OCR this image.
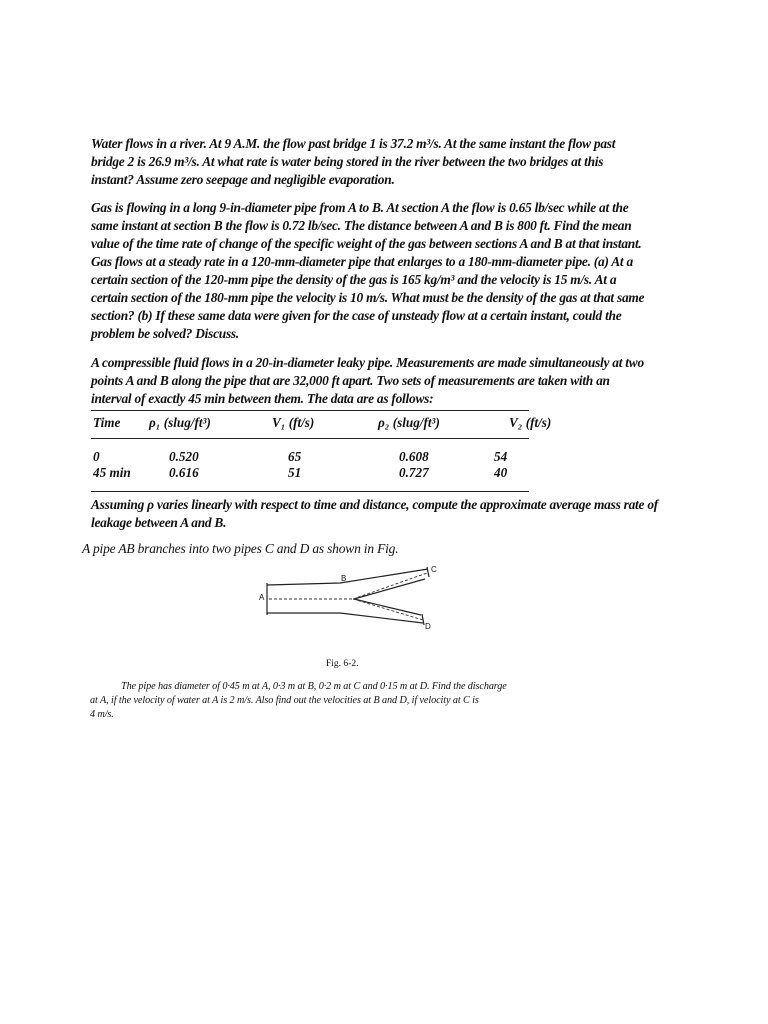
Water flows in a river. At 9 A.M. the flow past bridge 1 is 37.2 m³/s. At the same instant the flow past
bridge 2 is 26.9 m³/s. At what rate is water being stored in the river between the two bridges at this
instant? Assume zero seepage and negligible evaporation.

Gas is flowing in a long 9-in-diameter pipe from A to B. At section A the flow is 0.65 lb/sec while at the
same instant at section B the flow is 0.72 lb/sec. The distance between A and B is 800 ft. Find the mean
value of the time rate of change of the specific weight of the gas between sections A and B at that instant.
Gas flows at a steady rate in a 120-mm-diameter pipe that enlarges to a 180-mm-diameter pipe. (a) At a
certain section of the 120-mm pipe the density of the gas is 165 kg/m³ and the velocity is 15 m/s. At a
certain section of the 180-mm pipe the velocity is 10 m/s. What must be the density of the gas at that same
section? (b) If these same data were given for the case of unsteady flow at a certain instant, could the
problem be solved? Discuss.

A compressible fluid flows in a 20-in-diameter leaky pipe. Measurements are made simultaneously at two
points A and B along the pipe that are 32,000 ft apart. Two sets of measurements are taken with an
interval of exactly 45 min between them. The data are as follows:

Time ρ₁ (slug/ft³)	V₁ (ft/s)	ρ₂ (slug/ft³)	V₂ (ft/s)
0	0.520	65	0.608	54
45 min	0.616	51	0.727	40

Assuming ρ varies linearly with respect to time and distance, compute the approximate average mass rate of
leakage between A and B.

A pipe AB branches into two pipes C and D as shown in Fig.

A
B
C
D

Fig. 6-2.

The pipe has diameter of 0·45 m at A, 0·3 m at B, 0·2 m at C and 0·15 m at D. Find the discharge
at A, if the velocity of water at A is 2 m/s. Also find out the velocities at B and D, if velocity at C is
4 m/s.
